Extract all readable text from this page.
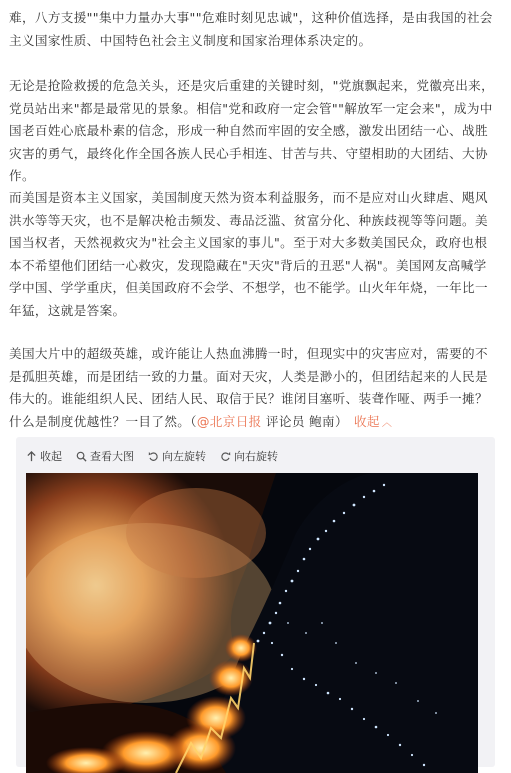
难，八方支援""集中力量办大事""危难时刻见忠诚"，这种价值选择，是由我国的社会主义国家性质、中国特色社会主义制度和国家治理体系决定的。

无论是抢险救援的危急关头，还是灾后重建的关键时刻，"党旗飘起来，党徽亮出来，党员站出来"都是最常见的景象。相信"党和政府一定会管""解放军一定会来"，成为中国老百姓心底最朴素的信念，形成一种自然而牢固的安全感，激发出团结一心、战胜灾害的勇气，最终化作全国各族人民心手相连、甘苦与共、守望相助的大团结、大协作。

而美国是资本主义国家，美国制度天然为资本利益服务，而不是应对山火肆虐、飓风洪水等等天灾，也不是解决枪击频发、毒品泛滥、贫富分化、种族歧视等等问题。美国当权者，天然视救灾为"社会主义国家的事儿"。至于对大多数美国民众，政府也根本不希望他们团结一心救灾，发现隐藏在"天灾"背后的丑恶"人祸"。美国网友高喊学学中国、学学重庆，但美国政府不会学、不想学，也不能学。山火年年烧，一年比一年猛，这就是答案。

美国大片中的超级英雄，或许能让人热血沸腾一时，但现实中的灾害应对，需要的不是孤胆英雄，而是团结一致的力量。面对天灾，人类是渺小的，但团结起来的人民是伟大的。谁能组织人民、团结人民、取信于民？谁闭目塞听、装聋作哑、两手一摊？什么是制度优越性？一目了然。（@北京日报 评论员 鲍南） 收起 ︿

收起	查看大图	向左旋转	向右旋转
